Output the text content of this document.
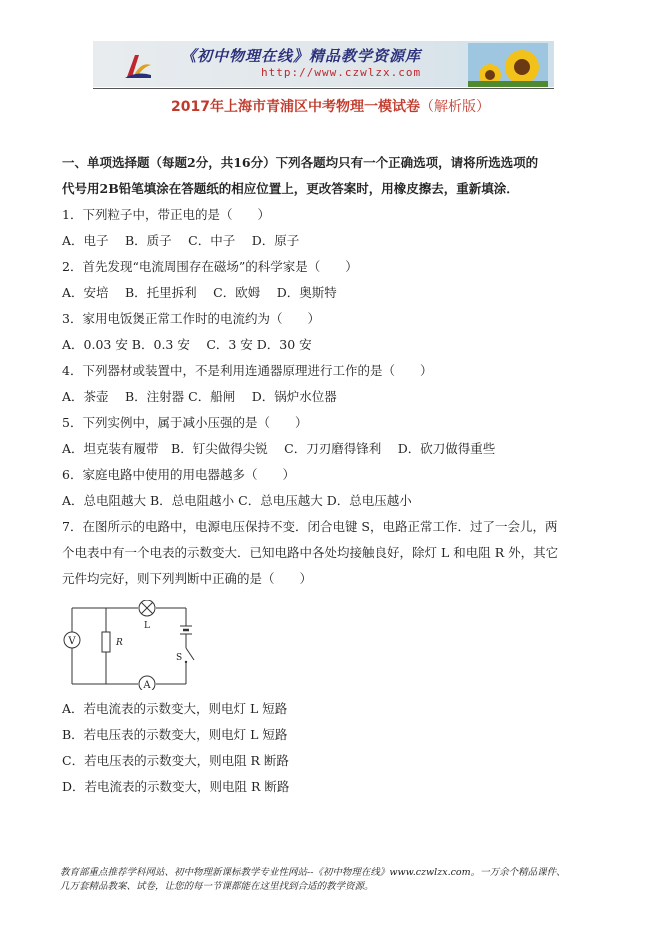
《初中物理在线》精品教学资源库
http://www.czwlzx.com
2017年上海市青浦区中考物理一模试卷（解析版）
一、单项选择题（每题2分，共16分）下列各题均只有一个正确选项，请将所选选项的
代号用2B铅笔填涂在答题纸的相应位置上，更改答案时，用橡皮擦去，重新填涂．
1．下列粒子中，带正电的是（　　）
A．电子　 B．质子　 C．中子　 D．原子
2．首先发现“电流周围存在磁场”的科学家是（　　）
A．安培　 B．托里拆利　 C．欧姆　 D．奥斯特
3．家用电饭煲正常工作时的电流约为（　　）
A．0.03 安 B．0.3 安　 C．3 安 D．30 安
4．下列器材或装置中，不是利用连通器原理进行工作的是（　　）
A．茶壶　 B．注射器 C．船闸　 D．锅炉水位器
5．下列实例中，属于减小压强的是（　　）
A．坦克装有履带　B．钉尖做得尖锐　 C．刀刃磨得锋利　 D．砍刀做得重些
6．家庭电路中使用的用电器越多（　　）
A．总电阻越大 B．总电阻越小 C．总电压越大 D．总电压越小
7．在图所示的电路中，电源电压保持不变．闭合电键 S，电路正常工作．过了一会儿，两
个电表中有一个电表的示数变大．已知电路中各处均接触良好，除灯 L 和电阻 R 外，其它
元件均完好，则下列判断中正确的是（　　）
V	R
L
S
A
A．若电流表的示数变大，则电灯 L 短路
B．若电压表的示数变大，则电灯 L 短路
C．若电压表的示数变大，则电阻 R 断路
D．若电流表的示数变大，则电阻 R 断路
教育部重点推荐学科网站、初中物理新课标教学专业性网站--《初中物理在线》www.czwlzx.com。一万余个精品课件、
几万套精品教案、试卷，让您的每一节课都能在这里找到合适的教学资源。
